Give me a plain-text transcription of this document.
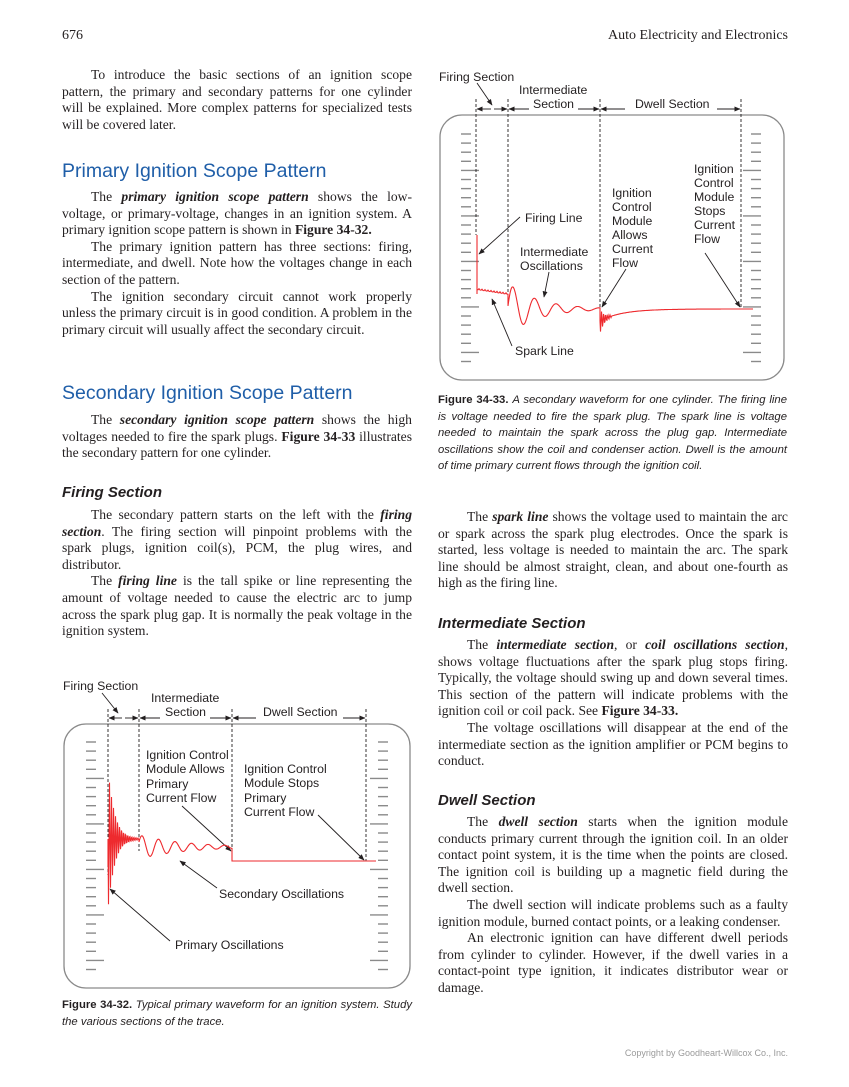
676	Auto Electricity and Electronics

To introduce the basic sections of an ignition scope pattern, the primary and secondary patterns for one cylinder will be explained. More complex patterns for specialized tests will be covered later.

Primary Ignition Scope Pattern

The primary ignition scope pattern shows the low-voltage, or primary-voltage, changes in an ignition system. A primary ignition scope pattern is shown in Figure 34-32.

The primary ignition pattern has three sections: firing, intermediate, and dwell. Note how the voltages change in each section of the pattern.

The ignition secondary circuit cannot work properly unless the primary circuit is in good condition. A problem in the primary circuit will usually affect the secondary circuit.

Secondary Ignition Scope Pattern

The secondary ignition scope pattern shows the high voltages needed to fire the spark plugs. Figure 34-33 illustrates the secondary pattern for one cylinder.

Firing Section

The secondary pattern starts on the left with the firing section. The firing section will pinpoint problems with the spark plugs, ignition coil(s), PCM, the plug wires, and distributor.

The firing line is the tall spike or line representing the amount of voltage needed to cause the electric arc to jump across the spark plug gap. It is normally the peak voltage in the ignition system.

Firing Section
Intermediate
Section	Dwell Section
Ignition Control
Module Allows
Primary
Current Flow
Ignition Control
Module Stops
Primary
Current Flow
Secondary Oscillations
Primary Oscillations
Figure 34-32. Typical primary waveform for an ignition system. Study the various sections of the trace.
Firing Section
Intermediate
Section	Dwell Section
Firing Line
Intermediate
Oscillations
Spark Line
Ignition
Control
Module
Allows
Current
Flow
Ignition
Control
Module
Stops
Current
Flow
Figure 34-33. A secondary waveform for one cylinder. The firing line is voltage needed to fire the spark plug. The spark line is voltage needed to maintain the spark across the plug gap. Intermediate oscillations show the coil and condenser action. Dwell is the amount of time primary current flows through the ignition coil.

The spark line shows the voltage used to maintain the arc or spark across the spark plug electrodes. Once the spark is started, less voltage is needed to maintain the arc. The spark line should be almost straight, clean, and about one-fourth as high as the firing line.

Intermediate Section

The intermediate section, or coil oscillations section, shows voltage fluctuations after the spark plug stops firing. Typically, the voltage should swing up and down several times. This section of the pattern will indicate problems with the ignition coil or coil pack. See Figure 34-33.

The voltage oscillations will disappear at the end of the intermediate section as the ignition amplifier or PCM begins to conduct.

Dwell Section

The dwell section starts when the ignition module conducts primary current through the ignition coil. In an older contact point system, it is the time when the points are closed. The ignition coil is building up a magnetic field during the dwell section.

The dwell section will indicate problems such as a faulty ignition module, burned contact points, or a leaking condenser.

An electronic ignition can have different dwell periods from cylinder to cylinder. However, if the dwell varies in a contact-point type ignition, it indicates distributor wear or damage.

Copyright by Goodheart-Willcox Co., Inc.
